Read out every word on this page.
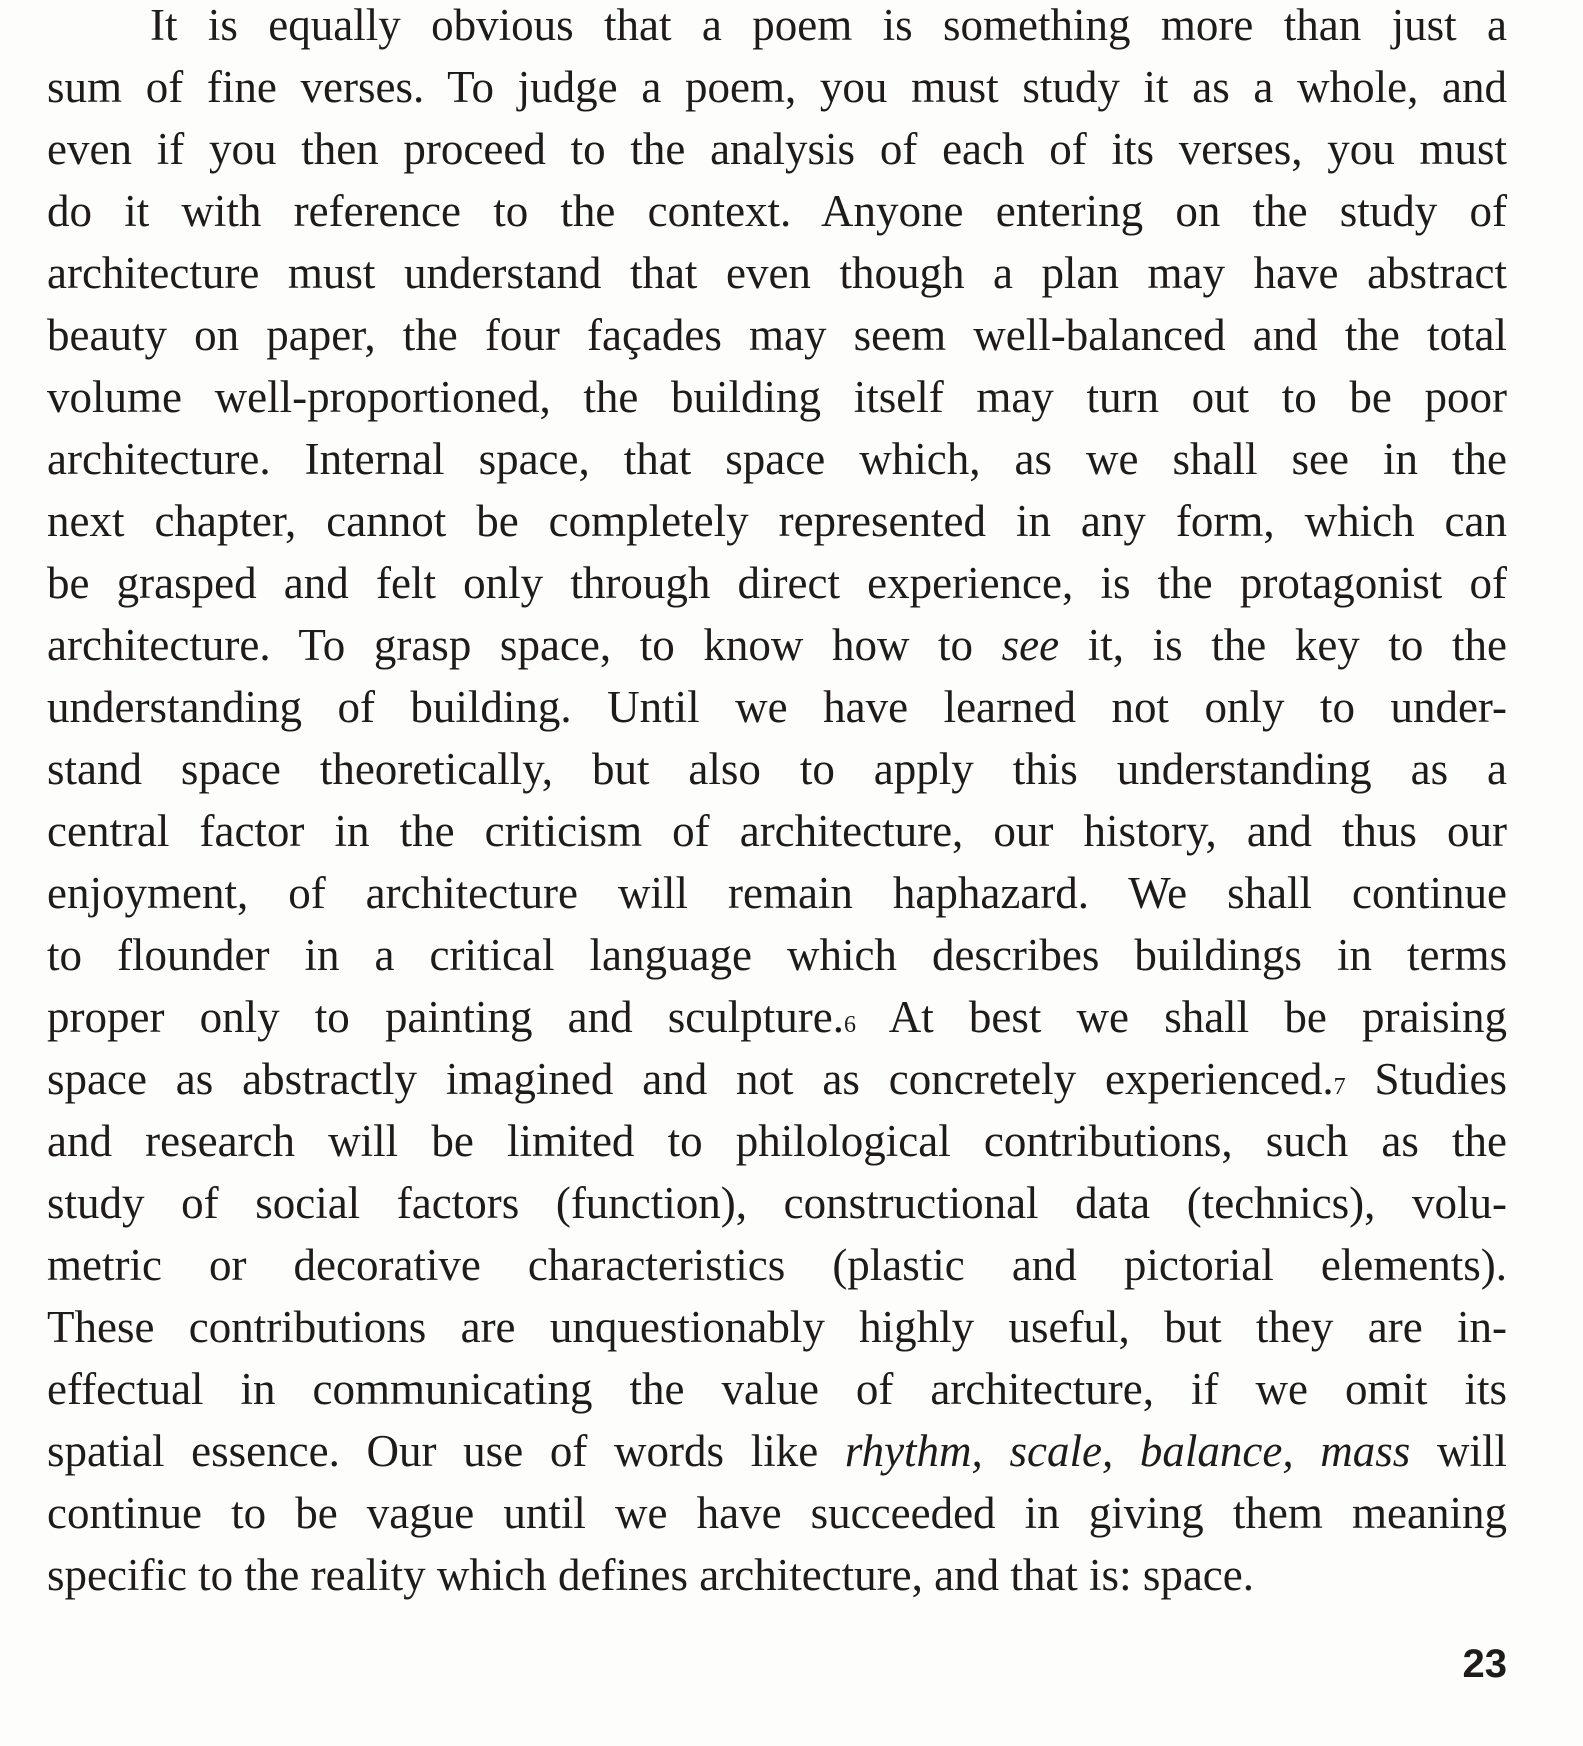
It is equally obvious that a poem is something more than just a
sum of fine verses. To judge a poem, you must study it as a whole, and
even if you then proceed to the analysis of each of its verses, you must
do it with reference to the context. Anyone entering on the study of
architecture must understand that even though a plan may have abstract
beauty on paper, the four façades may seem well-balanced and the total
volume well-proportioned, the building itself may turn out to be poor
architecture. Internal space, that space which, as we shall see in the
next chapter, cannot be completely represented in any form, which can
be grasped and felt only through direct experience, is the protagonist of
architecture. To grasp space, to know how to see it, is the key to the
understanding of building. Until we have learned not only to under-
stand space theoretically, but also to apply this understanding as a
central factor in the criticism of architecture, our history, and thus our
enjoyment, of architecture will remain haphazard. We shall continue
to flounder in a critical language which describes buildings in terms
proper only to painting and sculpture.$^6$ At best we shall be praising
space as abstractly imagined and not as concretely experienced.$^7$ Studies
and research will be limited to philological contributions, such as the
study of social factors (function), constructional data (technics), volu-
metric or decorative characteristics (plastic and pictorial elements).
These contributions are unquestionably highly useful, but they are in-
effectual in communicating the value of architecture, if we omit its
spatial essence. Our use of words like rhythm, scale, balance, mass will
continue to be vague until we have succeeded in giving them meaning
specific to the reality which defines architecture, and that is: space.
23
